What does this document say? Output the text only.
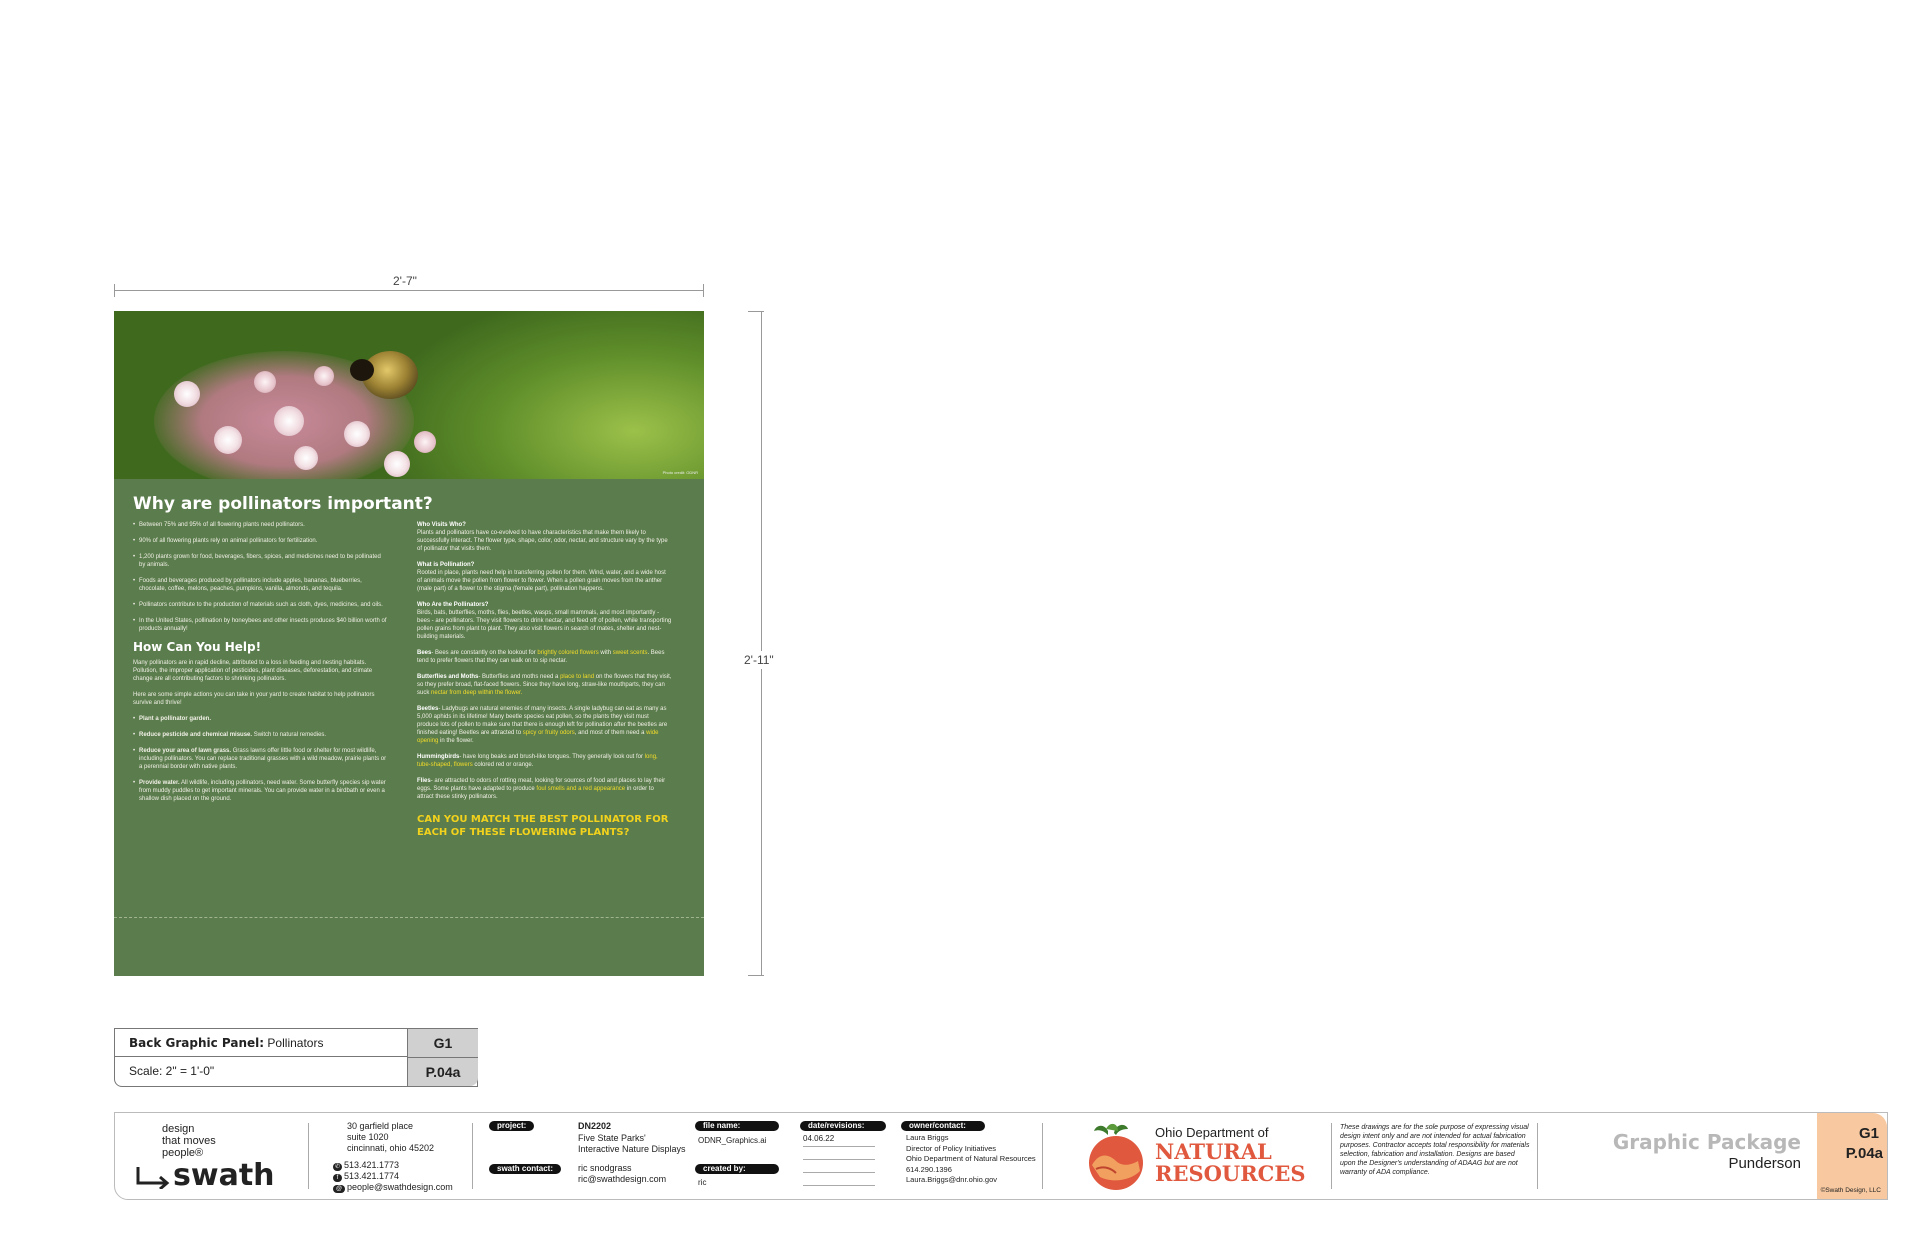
2'-7"
2'-11"
Photo credit: ODNR
Why are pollinators important?
• Between 75% and 95% of all flowering plants need pollinators.
• 90% of all flowering plants rely on animal pollinators for fertilization.
• 1,200 plants grown for food, beverages, fibers, spices, and medicines need to be pollinated by animals.
• Foods and beverages produced by pollinators include apples, bananas, blueberries, chocolate, coffee, melons, peaches, pumpkins, vanilla, almonds, and tequila.
• Pollinators contribute to the production of materials such as cloth, dyes, medicines, and oils.
• In the United States, pollination by honeybees and other insects produces $40 billion worth of products annually!
How Can You Help!

Many pollinators are in rapid decline, attributed to a loss in feeding and nesting habitats. Pollution, the improper application of pesticides, plant diseases, deforestation, and climate change are all contributing factors to shrinking pollinators.

Here are some simple actions you can take in your yard to create habitat to help pollinators survive and thrive!

• Plant a pollinator garden.
• Reduce pesticide and chemical misuse. Switch to natural remedies.
• Reduce your area of lawn grass. Grass lawns offer little food or shelter for most wildlife, including pollinators. You can replace traditional grasses with a wild meadow, prairie plants or a perennial border with native plants.
• Provide water. All wildlife, including pollinators, need water. Some butterfly species sip water from muddy puddles to get important minerals. You can provide water in a birdbath or even a shallow dish placed on the ground.

Who Visits Who?
Plants and pollinators have co-evolved to have characteristics that make them likely to successfully interact. The flower type, shape, color, odor, nectar, and structure vary by the type of pollinator that visits them.

What is Pollination?
Rooted in place, plants need help in transferring pollen for them. Wind, water, and a wide host of animals move the pollen from flower to flower. When a pollen grain moves from the anther (male part) of a flower to the stigma (female part), pollination happens.

Who Are the Pollinators?
Birds, bats, butterflies, moths, flies, beetles, wasps, small mammals, and most importantly - bees - are pollinators. They visit flowers to drink nectar, and feed off of pollen, while transporting pollen grains from plant to plant. They also visit flowers in search of mates, shelter and nest-building materials.

Bees- Bees are constantly on the lookout for brightly colored flowers with sweet scents. Bees tend to prefer flowers that they can walk on to sip nectar.

Butterflies and Moths- Butterflies and moths need a place to land on the flowers that they visit, so they prefer broad, flat-faced flowers. Since they have long, straw-like mouthparts, they can suck nectar from deep within the flower.

Beetles- Ladybugs are natural enemies of many insects. A single ladybug can eat as many as 5,000 aphids in its lifetime! Many beetle species eat pollen, so the plants they visit must produce lots of pollen to make sure that there is enough left for pollination after the beetles are finished eating! Beetles are attracted to spicy or fruity odors, and most of them need a wide opening in the flower.

Hummingbirds- have long beaks and brush-like tongues. They generally look out for long, tube-shaped, flowers colored red or orange.

Flies- are attracted to odors of rotting meat, looking for sources of food and places to lay their eggs. Some plants have adapted to produce foul smells and a red appearance in order to attract these stinky pollinators.

CAN YOU MATCH THE BEST POLLINATOR FOR EACH OF THESE FLOWERING PLANTS?
Back Graphic Panel: Pollinators	G1
Scale: 2" = 1'-0"	P.04a
design
that moves
people®
swath
30 garfield place
suite 1020
cincinnati, ohio 45202
✆ 513.421.1773
f 513.421.1774
@ people@swathdesign.com
project:	DN2202
Five State Parks'
Interactive Nature Displays
swath contact:	ric snodgrass
ric@swathdesign.com
file name:
ODNR_Graphics.ai
created by:
ric
date/revisions:
04.06.22
owner/contact:
Laura Briggs
Director of Policy Initiatives
Ohio Department of Natural Resources
614.290.1396
Laura.Briggs@dnr.ohio.gov
Ohio Department of
NATURAL
RESOURCES
These drawings are for the sole purpose of expressing visual design intent only and are not intended for actual fabrication purposes. Contractor accepts total responsibility for materials selection, fabrication and installation. Designs are based upon the Designer's understanding of ADAAG but are not warranty of ADA compliance.
Graphic Package
Punderson
G1
P.04a
©Swath Design, LLC
